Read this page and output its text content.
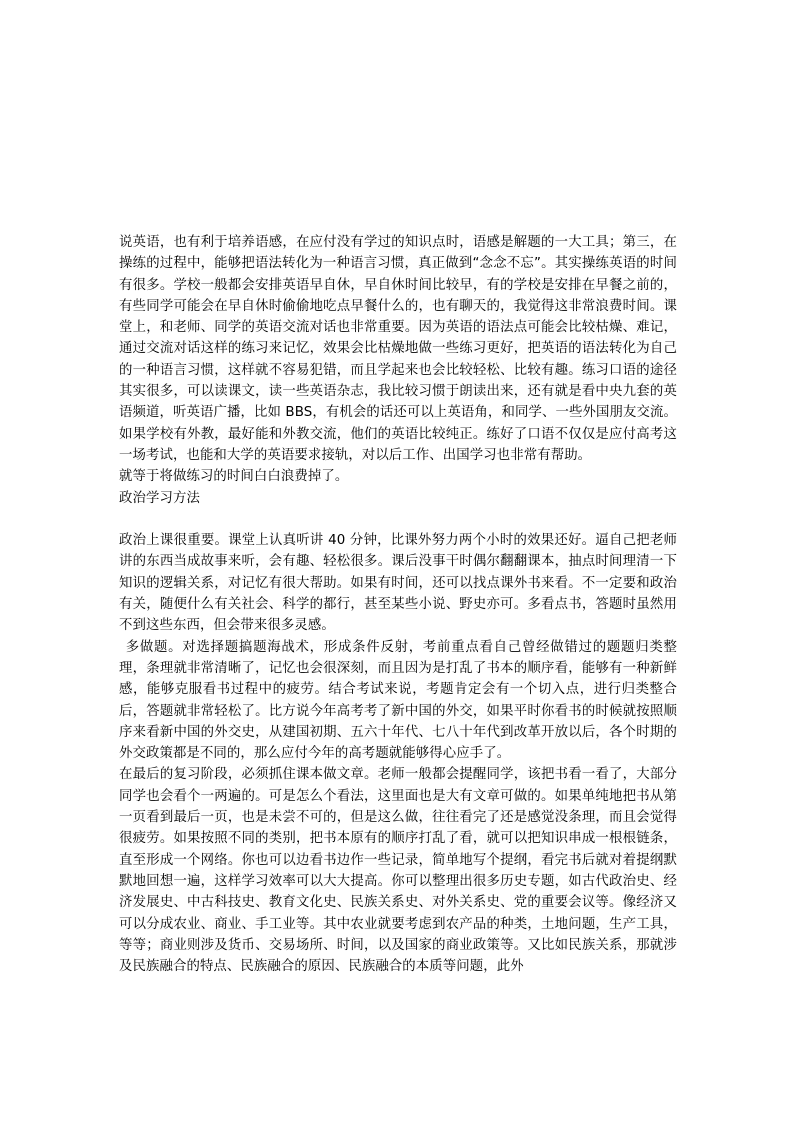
说英语，也有利于培养语感，在应付没有学过的知识点时，语感是解题的一大工具；第三，在操练的过程中，能够把语法转化为一种语言习惯，真正做到“念念不忘”。其实操练英语的时间有很多。学校一般都会安排英语早自休，早自休时间比较早，有的学校是安排在早餐之前的，有些同学可能会在早自休时偷偷地吃点早餐什么的，也有聊天的，我觉得这非常浪费时间。课堂上，和老师、同学的英语交流对话也非常重要。因为英语的语法点可能会比较枯燥、难记，通过交流对话这样的练习来记忆，效果会比枯燥地做一些练习更好，把英语的语法转化为自己的一种语言习惯，这样就不容易犯错，而且学起来也会比较轻松、比较有趣。练习口语的途径其实很多，可以读课文，读一些英语杂志，我比较习惯于朗读出来，还有就是看中央九套的英语频道，听英语广播，比如 BBS，有机会的话还可以上英语角，和同学、一些外国朋友交流。如果学校有外教，最好能和外教交流，他们的英语比较纯正。练好了口语不仅仅是应付高考这一场考试，也能和大学的英语要求接轨，对以后工作、出国学习也非常有帮助。

就等于将做练习的时间白白浪费掉了。

政治学习方法

政治上课很重要。课堂上认真听讲 40 分钟，比课外努力两个小时的效果还好。逼自己把老师讲的东西当成故事来听，会有趣、轻松很多。课后没事干时偶尔翻翻课本，抽点时间理清一下知识的逻辑关系，对记忆有很大帮助。如果有时间，还可以找点课外书来看。不一定要和政治有关，随便什么有关社会、科学的都行，甚至某些小说、野史亦可。多看点书，答题时虽然用不到这些东西，但会带来很多灵感。

多做题。对选择题搞题海战术，形成条件反射，考前重点看自己曾经做错过的题题归类整理，条理就非常清晰了，记忆也会很深刻，而且因为是打乱了书本的顺序看，能够有一种新鲜感，能够克服看书过程中的疲劳。结合考试来说，考题肯定会有一个切入点，进行归类整合后，答题就非常轻松了。比方说今年高考考了新中国的外交，如果平时你看书的时候就按照顺序来看新中国的外交史，从建国初期、五六十年代、七八十年代到改革开放以后，各个时期的外交政策都是不同的，那么应付今年的高考题就能够得心应手了。

在最后的复习阶段，必须抓住课本做文章。老师一般都会提醒同学，该把书看一看了，大部分同学也会看个一两遍的。可是怎么个看法，这里面也是大有文章可做的。如果单纯地把书从第一页看到最后一页，也是未尝不可的，但是这么做，往往看完了还是感觉没条理，而且会觉得很疲劳。如果按照不同的类别，把书本原有的顺序打乱了看，就可以把知识串成一根根链条，直至形成一个网络。你也可以边看书边作一些记录，简单地写个提纲，看完书后就对着提纲默默地回想一遍，这样学习效率可以大大提高。你可以整理出很多历史专题，如古代政治史、经济发展史、中古科技史、教育文化史、民族关系史、对外关系史、党的重要会议等。像经济又可以分成农业、商业、手工业等。其中农业就要考虑到农产品的种类，土地问题，生产工具，等等；商业则涉及货币、交易场所、时间，以及国家的商业政策等。又比如民族关系，那就涉及民族融合的特点、民族融合的原因、民族融合的本质等问题，此外
